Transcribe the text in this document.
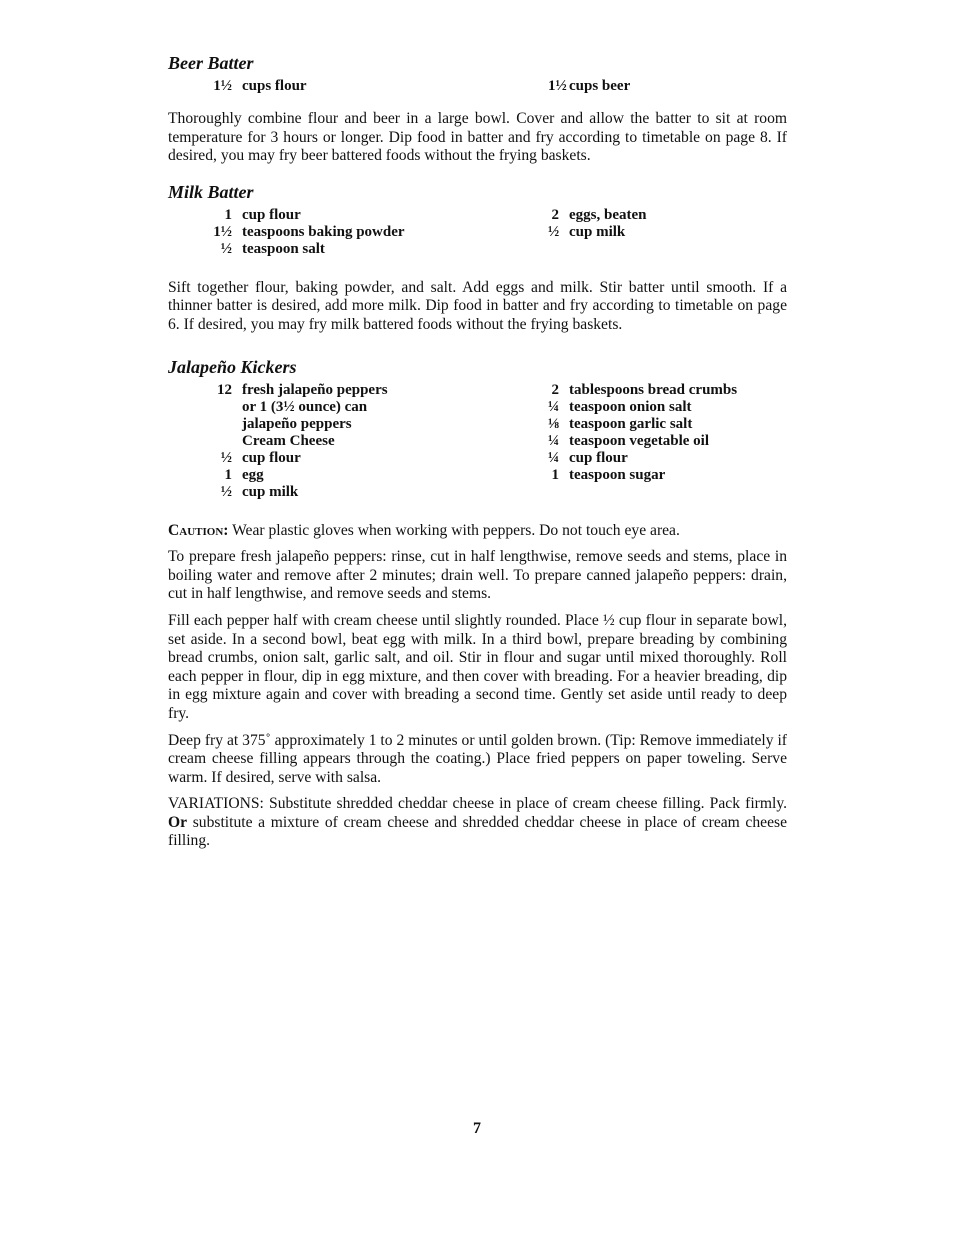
Beer Batter
1½ cups flour	1½ cups beer

Thoroughly combine flour and beer in a large bowl. Cover and allow the batter to sit at room temperature for 3 hours or longer. Dip food in batter and fry according to timetable on page 8. If desired, you may fry beer battered foods without the frying baskets.

Milk Batter
1 cup flour
1½ teaspoons baking powder
½ teaspoon salt
2 eggs, beaten
½ cup milk

Sift together flour, baking powder, and salt. Add eggs and milk. Stir batter until smooth. If a thinner batter is desired, add more milk. Dip food in batter and fry according to timetable on page 6. If desired, you may fry milk battered foods without the frying baskets.

Jalapeño Kickers
12 fresh jalapeño peppers
or 1 (3½ ounce) can
jalapeño peppers
Cream Cheese
½ cup flour
1 egg
½ cup milk
2 tablespoons bread crumbs
¼ teaspoon onion salt
⅛ teaspoon garlic salt
¼ teaspoon vegetable oil
¼ cup flour
1 teaspoon sugar

Caution: Wear plastic gloves when working with peppers. Do not touch eye area.

To prepare fresh jalapeño peppers: rinse, cut in half lengthwise, remove seeds and stems, place in boiling water and remove after 2 minutes; drain well. To prepare canned jalapeño peppers: drain, cut in half lengthwise, and remove seeds and stems.

Fill each pepper half with cream cheese until slightly rounded. Place ½ cup flour in separate bowl, set aside. In a second bowl, beat egg with milk. In a third bowl, prepare breading by combining bread crumbs, onion salt, garlic salt, and oil. Stir in flour and sugar until mixed thoroughly. Roll each pepper in flour, dip in egg mixture, and then cover with breading. For a heavier breading, dip in egg mixture again and cover with breading a second time. Gently set aside until ready to deep fry.

Deep fry at 375˚ approximately 1 to 2 minutes or until golden brown. (Tip: Remove immediately if cream cheese filling appears through the coating.) Place fried peppers on paper toweling. Serve warm. If desired, serve with salsa.

VARIATIONS: Substitute shredded cheddar cheese in place of cream cheese filling. Pack firmly. Or substitute a mixture of cream cheese and shredded cheddar cheese in place of cream cheese filling.

7
